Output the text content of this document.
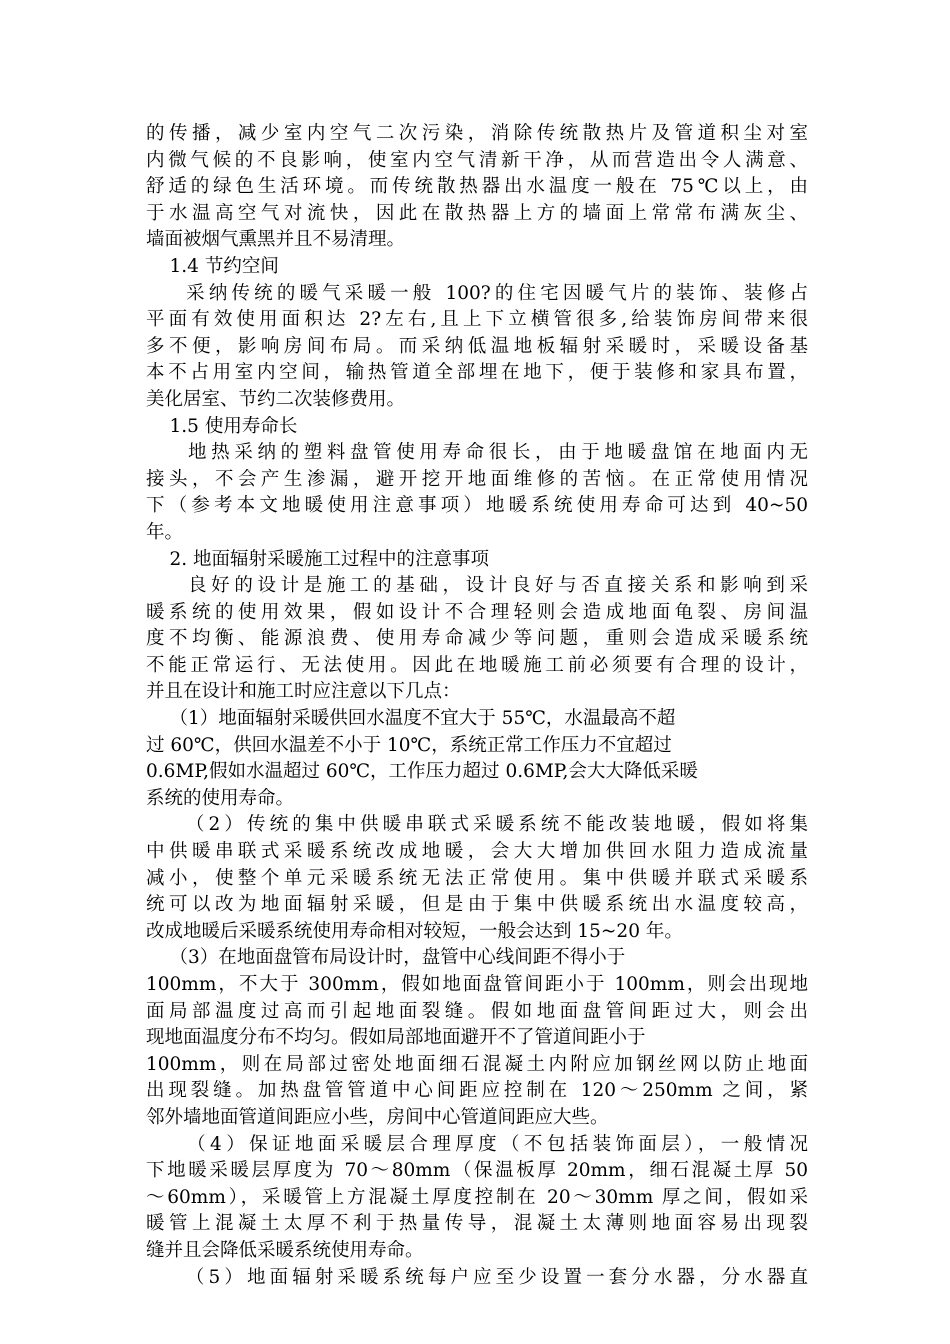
的传播，减少室内空气二次污染，消除传统散热片及管道积尘对室
内微气候的不良影响，使室内空气清新干净，从而营造出令人满意、
舒适的绿色生活环境。而传统散热器出水温度一般在 75℃以上，由
于水温高空气对流快，因此在散热器上方的墙面上常常布满灰尘、
墙面被烟气熏黑并且不易清理。
1.4 节约空间
采纳传统的暖气采暖一般 100?的住宅因暖气片的装饰、装修占
平面有效使用面积达 2?左右,且上下立横管很多,给装饰房间带来很
多不便，影响房间布局。而采纳低温地板辐射采暖时，采暖设备基
本不占用室内空间，输热管道全部埋在地下，便于装修和家具布置，
美化居室、节约二次装修费用。
1.5 使用寿命长
地热采纳的塑料盘管使用寿命很长，由于地暖盘馆在地面内无
接头，不会产生渗漏，避开挖开地面维修的苦恼。在正常使用情况
下（参考本文地暖使用注意事项）地暖系统使用寿命可达到 40~50
年。
2. 地面辐射采暖施工过程中的注意事项
良好的设计是施工的基础，设计良好与否直接关系和影响到采
暖系统的使用效果，假如设计不合理轻则会造成地面龟裂、房间温
度不均衡、能源浪费、使用寿命减少等问题，重则会造成采暖系统
不能正常运行、无法使用。因此在地暖施工前必须要有合理的设计，
并且在设计和施工时应注意以下几点：
（1）地面辐射采暖供回水温度不宜大于 55℃，水温最高不超
过 60℃，供回水温差不小于 10℃，系统正常工作压力不宜超过
0.6MP,假如水温超过 60℃，工作压力超过 0.6MP,会大大降低采暖
系统的使用寿命。
（2）传统的集中供暖串联式采暖系统不能改装地暖，假如将集
中供暖串联式采暖系统改成地暖，会大大增加供回水阻力造成流量
减小，使整个单元采暖系统无法正常使用。集中供暖并联式采暖系
统可以改为地面辐射采暖，但是由于集中供暖系统出水温度较高，
改成地暖后采暖系统使用寿命相对较短，一般会达到 15~20 年。
（3）在地面盘管布局设计时，盘管中心线间距不得小于
100mm，不大于 300mm，假如地面盘管间距小于 100mm，则会出现地
面局部温度过高而引起地面裂缝。假如地面盘管间距过大，则会出
现地面温度分布不均匀。假如局部地面避开不了管道间距小于
100mm，则在局部过密处地面细石混凝土内附应加钢丝网以防止地面
出现裂缝。加热盘管管道中心间距应控制在 120～250mm 之间，紧
邻外墙地面管道间距应小些，房间中心管道间距应大些。
（4）保证地面采暖层合理厚度（不包括装饰面层），一般情况
下地暖采暖层厚度为 70～80mm（保温板厚 20mm，细石混凝土厚 50
～60mm），采暖管上方混凝土厚度控制在 20～30mm 厚之间，假如采
暖管上混凝土太厚不利于热量传导，混凝土太薄则地面容易出现裂
缝并且会降低采暖系统使用寿命。
（5）地面辐射采暖系统每户应至少设置一套分水器，分水器直
